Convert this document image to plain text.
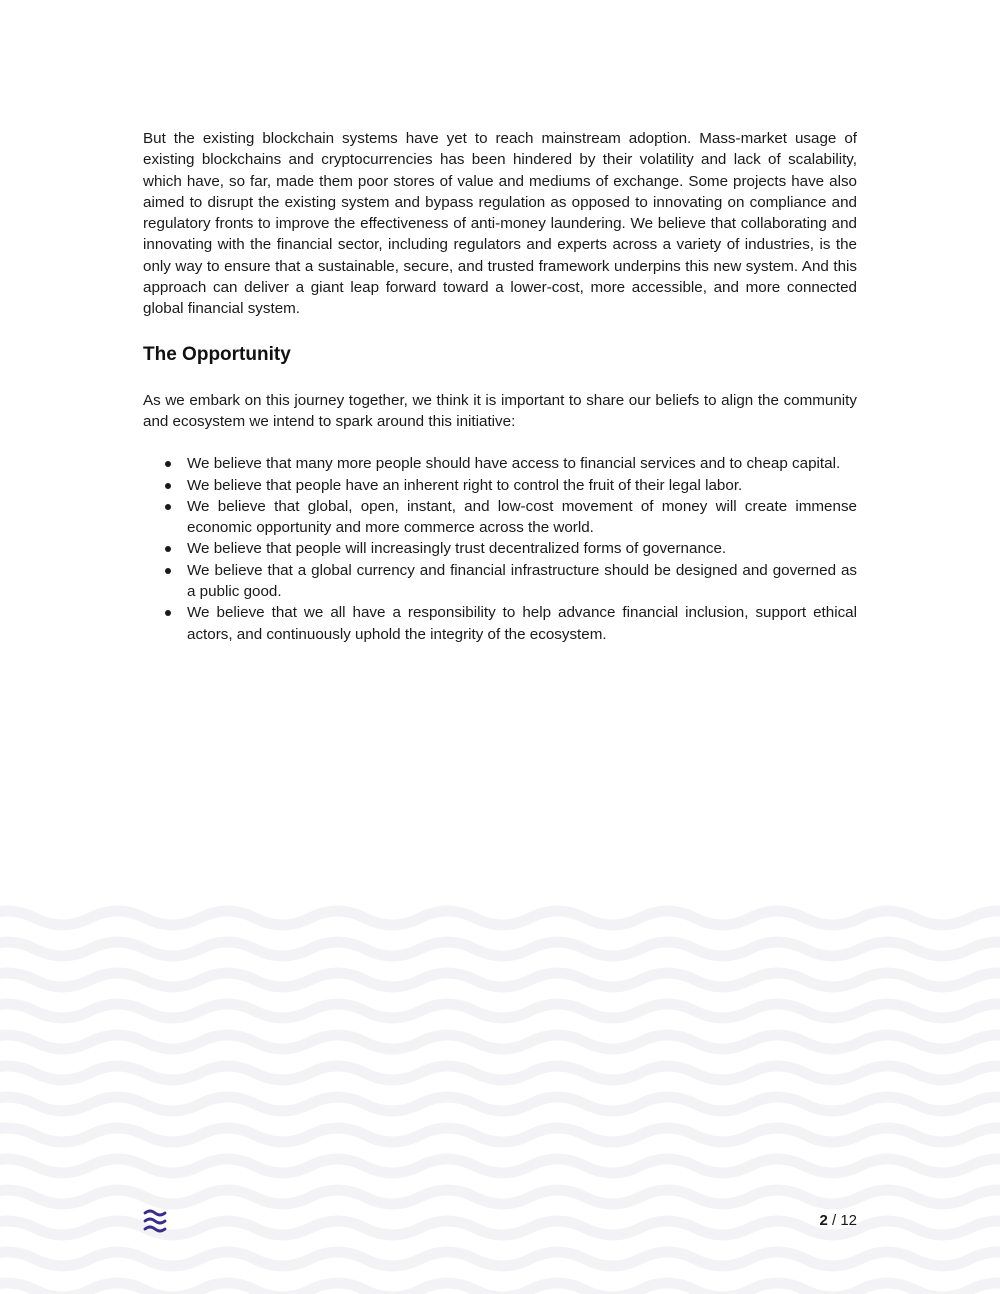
But the existing blockchain systems have yet to reach mainstream adoption. Mass-market usage of existing blockchains and cryptocurrencies has been hindered by their volatility and lack of scalability, which have, so far, made them poor stores of value and mediums of exchange. Some projects have also aimed to disrupt the existing system and bypass regulation as opposed to innovating on compliance and regulatory fronts to improve the effectiveness of anti-money laundering. We believe that collaborating and innovating with the financial sector, including regulators and experts across a variety of industries, is the only way to ensure that a sustainable, secure, and trusted framework underpins this new system. And this approach can deliver a giant leap forward toward a lower-cost, more accessible, and more connected global financial system.

The Opportunity

As we embark on this journey together, we think it is important to share our beliefs to align the community and ecosystem we intend to spark around this initiative:

We believe that many more people should have access to financial services and to cheap capital.
We believe that people have an inherent right to control the fruit of their legal labor.
We believe that global, open, instant, and low-cost movement of money will create immense economic opportunity and more commerce across the world.
We believe that people will increasingly trust decentralized forms of governance.
We believe that a global currency and financial infrastructure should be designed and governed as a public good.
We believe that we all have a responsibility to help advance financial inclusion, support ethical actors, and continuously uphold the integrity of the ecosystem.
2 / 12
